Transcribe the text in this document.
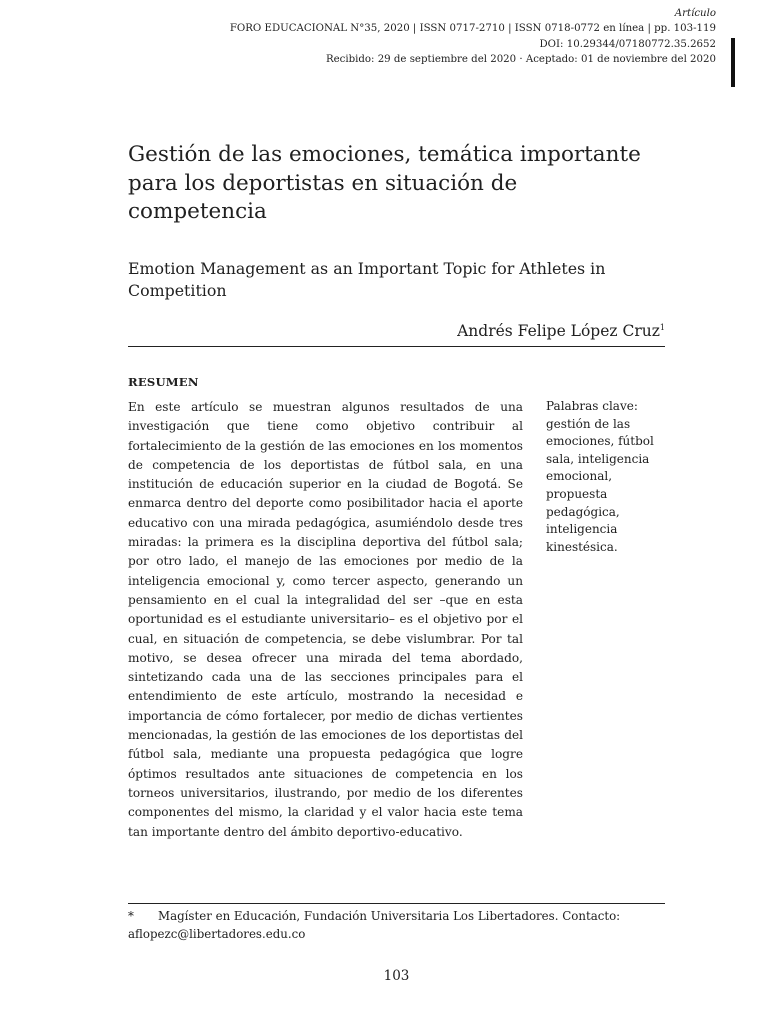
Artículo
FORO EDUCACIONAL N°35, 2020 | ISSN 0717-2710 | ISSN 0718-0772 en línea | pp. 103-119
DOI: 10.29344/07180772.35.2652
Recibido: 29 de septiembre del 2020 · Aceptado: 01 de noviembre del 2020
Gestión de las emociones, temática importante para los deportistas en situación de competencia
Emotion Management as an Important Topic for Athletes in Competition
Andrés Felipe López Cruz$^1$
RESUMEN

En este artículo se muestran algunos resultados de una investigación que tiene como objetivo contribuir al fortalecimiento de la gestión de las emociones en los momentos de competencia de los deportistas de fútbol sala, en una institución de educación superior en la ciudad de Bogotá. Se enmarca dentro del deporte como posibilitador hacia el aporte educativo con una mirada pedagógica, asumiéndolo desde tres miradas: la primera es la disciplina deportiva del fútbol sala; por otro lado, el manejo de las emociones por medio de la inteligencia emocional y, como tercer aspecto, generando un pensamiento en el cual la integralidad del ser –que en esta oportunidad es el estudiante universitario– es el objetivo por el cual, en situación de competencia, se debe vislumbrar. Por tal motivo, se desea ofrecer una mirada del tema abordado, sintetizando cada una de las secciones principales para el entendimiento de este artículo, mostrando la necesidad e importancia de cómo fortalecer, por medio de dichas vertientes mencionadas, la gestión de las emociones de los deportistas del fútbol sala, mediante una propuesta pedagógica que logre óptimos resultados ante situaciones de competencia en los torneos universitarios, ilustrando, por medio de los diferentes componentes del mismo, la claridad y el valor hacia este tema tan importante dentro del ámbito deportivo-educativo.

Palabras clave:
gestión de las emociones, fútbol sala, inteligencia emocional, propuesta pedagógica, inteligencia kinestésica.

* Magíster en Educación, Fundación Universitaria Los Libertadores. Contacto: aflopezc@libertadores.edu.co

103
